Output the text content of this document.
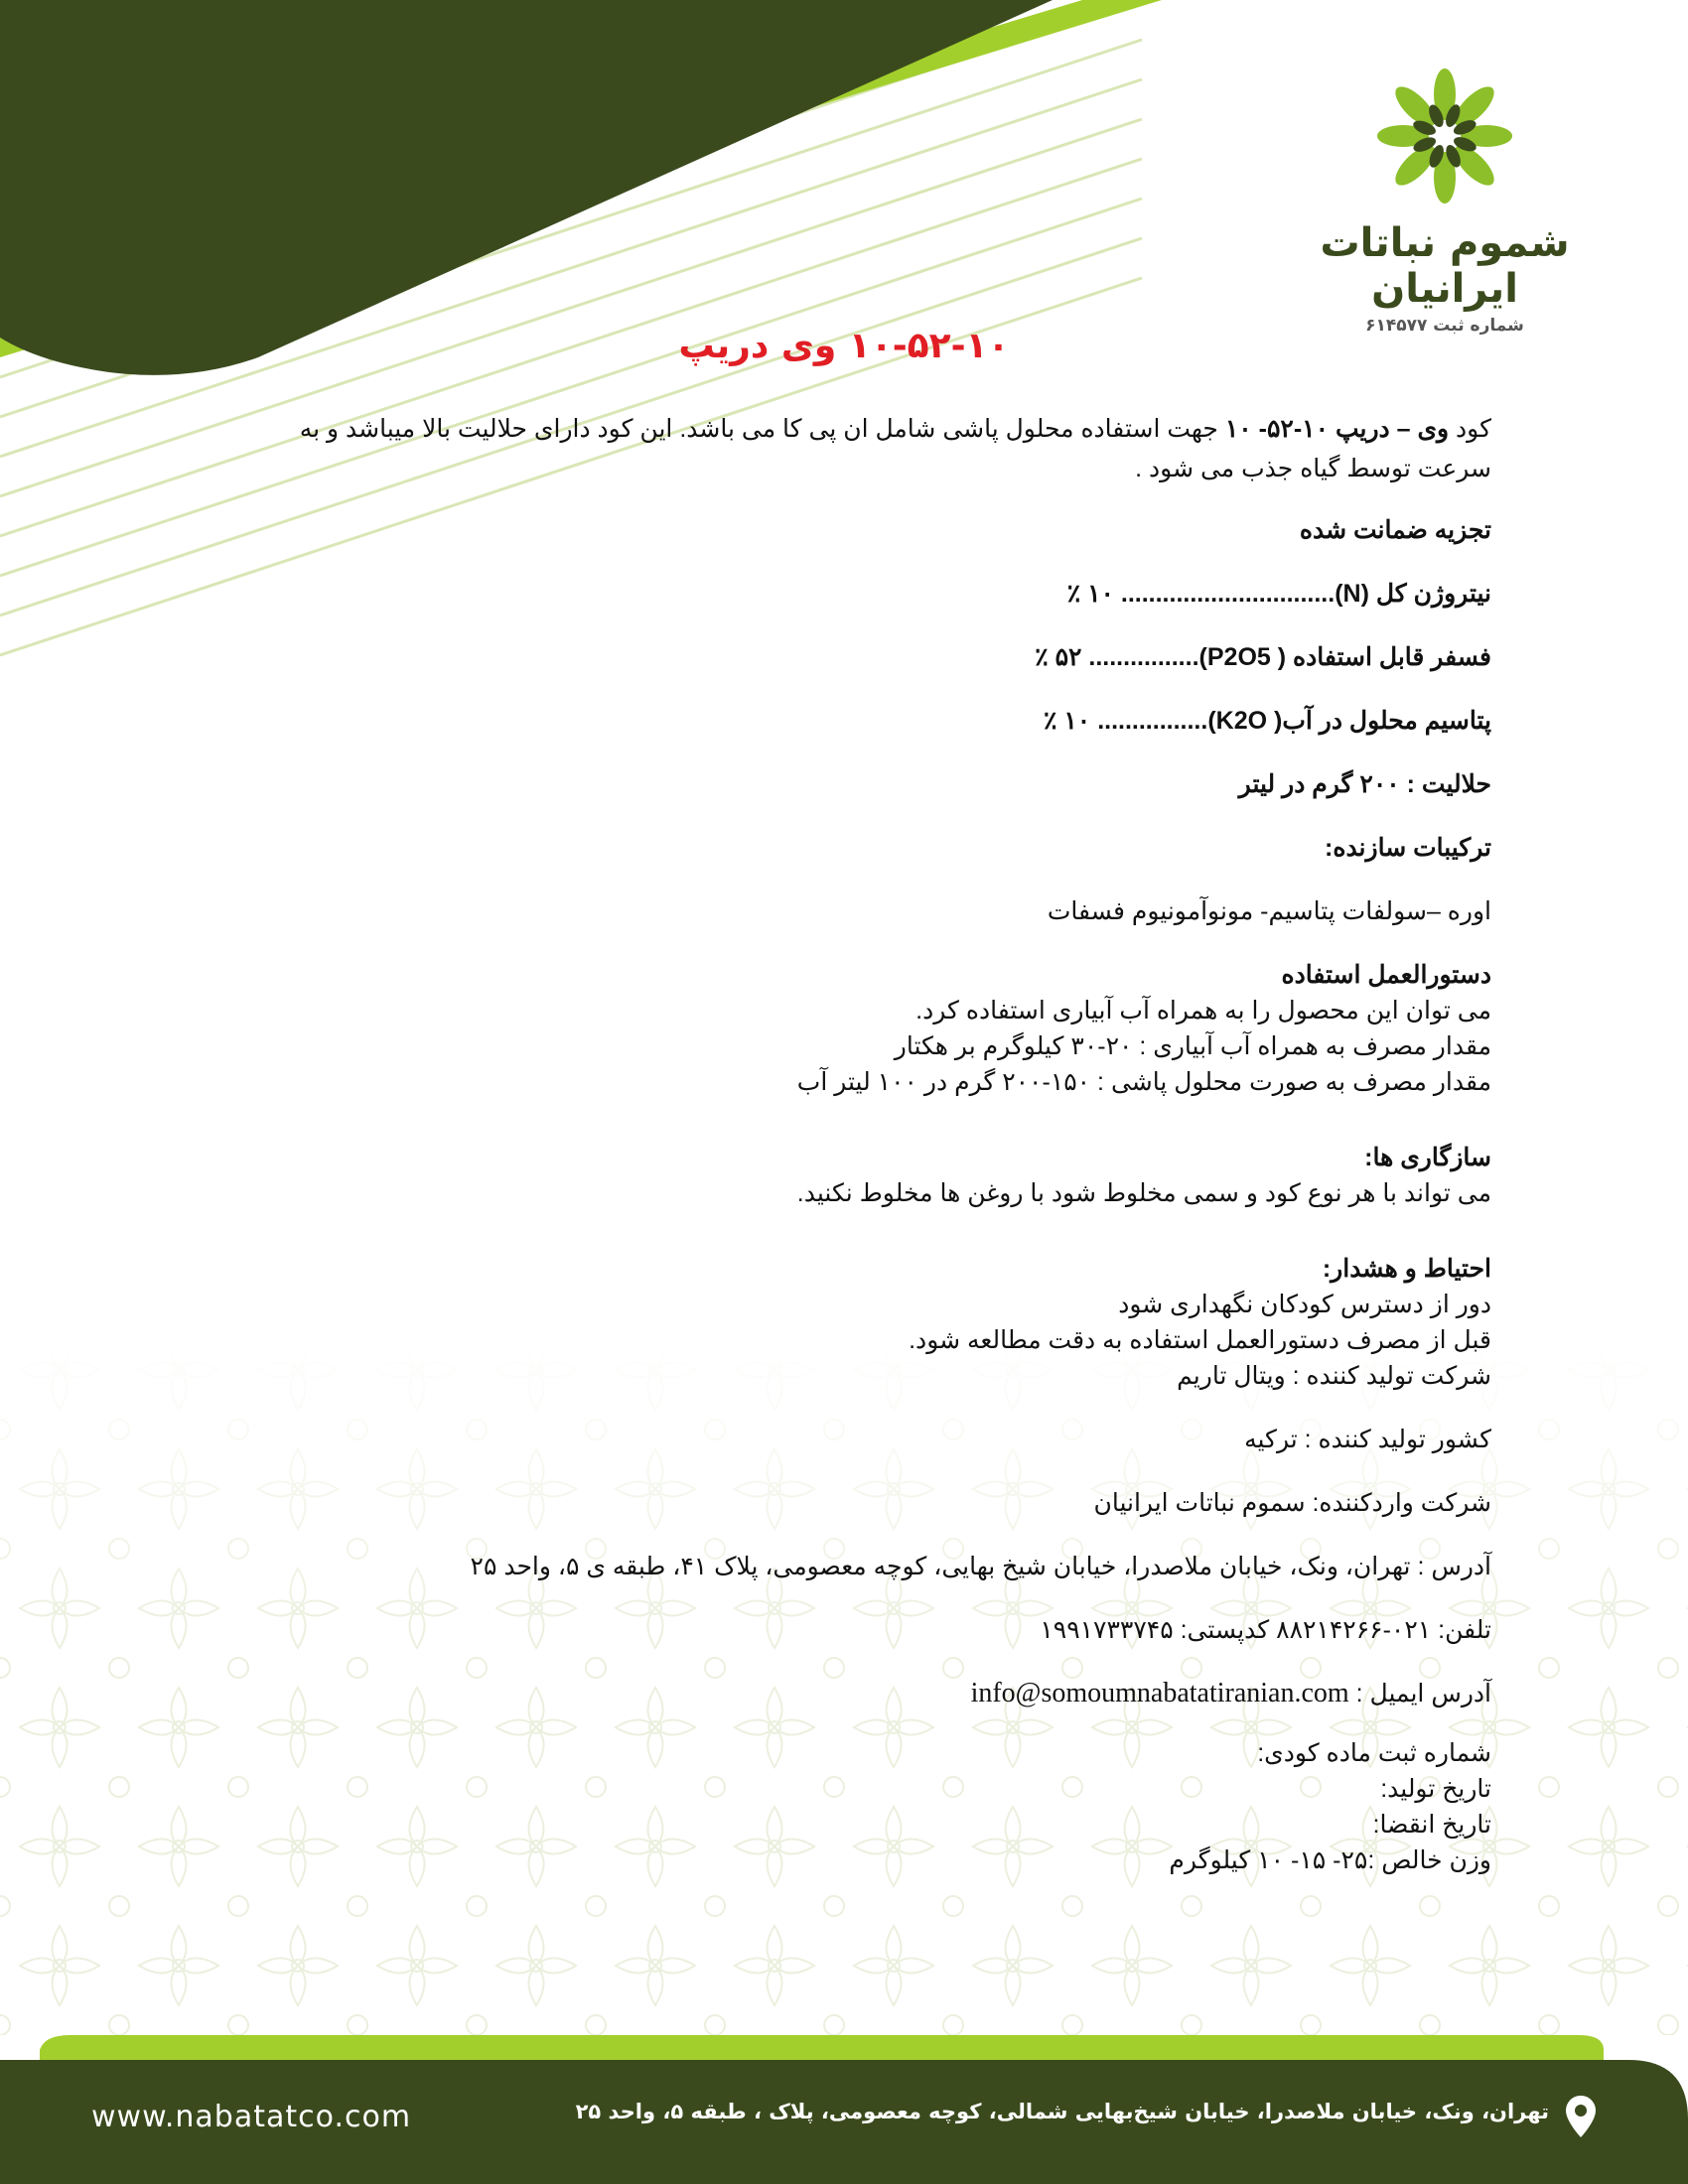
شموم نباتات ایرانیان
شماره ثبت ۶۱۴۵۷۷
۱۰-۵۲-۱۰ وی دریپ
کود وی – دریپ ۱۰-۵۲- ۱۰ جهت استفاده محلول پاشی شامل ان پی کا می باشد. این کود دارای حلالیت بالا میباشد و به
سرعت توسط گیاه جذب می شود .
تجزیه ضمانت شده
نیتروژن کل (N)............................... ۱۰ ٪
فسفر قابل استفاده ( P2O5)................ ۵۲ ٪
پتاسیم محلول در آب( K2O)................ ۱۰ ٪
حلالیت : ۲۰۰ گرم در لیتر
ترکیبات سازنده:
اوره –سولفات پتاسیم- مونوآمونیوم فسفات
دستورالعمل استفاده
می توان این محصول را به همراه آب آبیاری استفاده کرد.
مقدار مصرف به همراه آب آبیاری : ۲۰-۳۰ کیلوگرم بر هکتار
مقدار مصرف به صورت محلول پاشی : ۱۵۰-۲۰۰ گرم در ۱۰۰ لیتر آب
سازگاری ها:
می تواند با هر نوع کود و سمی مخلوط شود با روغن ها مخلوط نکنید.
احتیاط و هشدار:
دور از دسترس کودکان نگهداری شود
قبل از مصرف دستورالعمل استفاده به دقت مطالعه شود.
شرکت تولید کننده : ویتال تاریم
کشور تولید کننده : ترکیه
شرکت واردکننده: سموم نباتات ایرانیان
آدرس : تهران، ونک، خیابان ملاصدرا، خیابان شیخ بهایی، کوچه معصومی، پلاک ۴۱، طبقه ی ۵، واحد ۲۵
تلفن: ۰۲۱-۸۸۲۱۴۲۶۶ کدپستی: ۱۹۹۱۷۳۳۷۴۵
آدرس ایمیل : info@somoumnabatatiranian.com
شماره ثبت ماده کودی:
تاریخ تولید:
تاریخ انقضا:
وزن خالص :۲۵- ۱۵- ۱۰ کیلوگرم
www.nabatatco.com	تهران، ونک، خیابان ملاصدرا، خیابان شیخ‌بهایی شمالی، کوچه معصومی، پلاک ، طبقه ۵، واحد ۲۵
